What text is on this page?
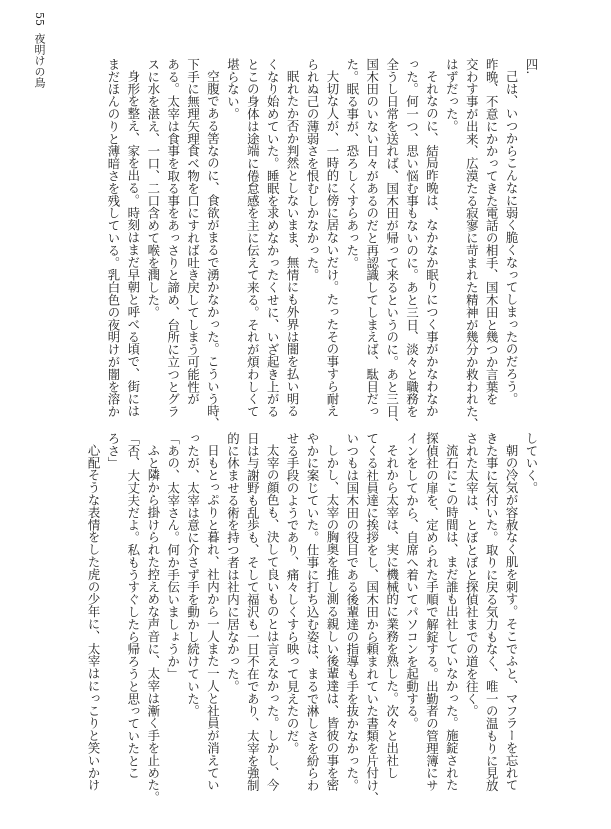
55夜明けの鳥	四.

己は、いつからこんなに弱く脆くなってしまったのだろう。

昨晩、不意にかかってきた電話の相手、国木田と幾つか言葉を

交わす事が出来、広漠たる寂寥に苛まれた精神が幾分か救われた、

はずだった。

それなのに、結局昨晩は、なかなか眠りにつく事がかなわなか

った。何一つ、思い悩む事もないのに。あと三日、淡々と職務を

全うし日常を送れば、国木田が帰って来るというのに。あと三日、

国木田のいない日々があるのだと再認識してしまえば、駄目だっ

た。眠る事が、恐ろしくすらあった。

大切な人が、一時的に傍に居ないだけ。たったその事すら耐え

られぬ己の薄弱さを恨むしかなかった。

眠れたか否か判然としないまま、無情にも外界は闇を払い明る

くなり始めていた。睡眠を求めなかったくせに、いざ起き上がる

とこの身体は途端に倦怠感を主に伝えて来る。それが煩わしくて

堪らない。

空腹である筈なのに、食欲がまるで湧かなかった。こういう時、

下手に無理矢理食べ物を口にすれば吐き戻してしまう可能性が

ある。太宰は食事を取る事をあっさりと諦め、台所に立つとグラ

スに水を湛え、一口、二口含めて喉を潤した。

身形を整え、家を出る。時刻はまだ早朝と呼べる頃で、街には

まだほんのりと薄暗さを残している。乳白色の夜明けが闇を溶か

していく。

朝の冷気が容赦なく肌を刺す。そこでふと、マフラーを忘れて

きた事に気付いた。取りに戻る気力もなく、唯一の温もりに見放

された太宰は、とぼとぼと探偵社までの道を往く。

流石にこの時間は、まだ誰も出社していなかった。施錠された

探偵社の扉を、定められた手順で解錠する。出勤者の管理簿にサ

インをしてから、自席へ着いてパソコンを起動する。

それから太宰は、実に機械的に業務を熟した。次々と出社し

てくる社員達に挨拶をし、国木田から頼まれていた書類を片付け、

いつもは国木田の役目である後輩達の指導も手を抜かなかった。

しかし、太宰の胸奥を推し測る親しい後輩達は、皆彼の事を密

やかに案じていた。仕事に打ち込む姿は、まるで淋しさを紛らわ

せる手段のようであり、痛々しくすら映って見えたのだ。

太宰の顔色も、決して良いものとは言えなかった。しかし、今

日は与謝野も乱歩も、そして福沢も一日不在であり、太宰を強制

的に休ませる術を持つ者は社内に居なかった。

日もとっぷりと暮れ、社内から一人また一人と社員が消えてい

ったが、太宰は意に介さず手を動かし続けていた。

「あの、太宰さん。何か手伝いましょうか」

ふと隣から掛けられた控えめな声音に、太宰は漸く手を止めた。

「否、大丈夫だよ。私もうすぐしたら帰ろうと思っていたとこ

ろさ」

心配そうな表情をした虎の少年に、太宰はにっこりと笑いかけ
